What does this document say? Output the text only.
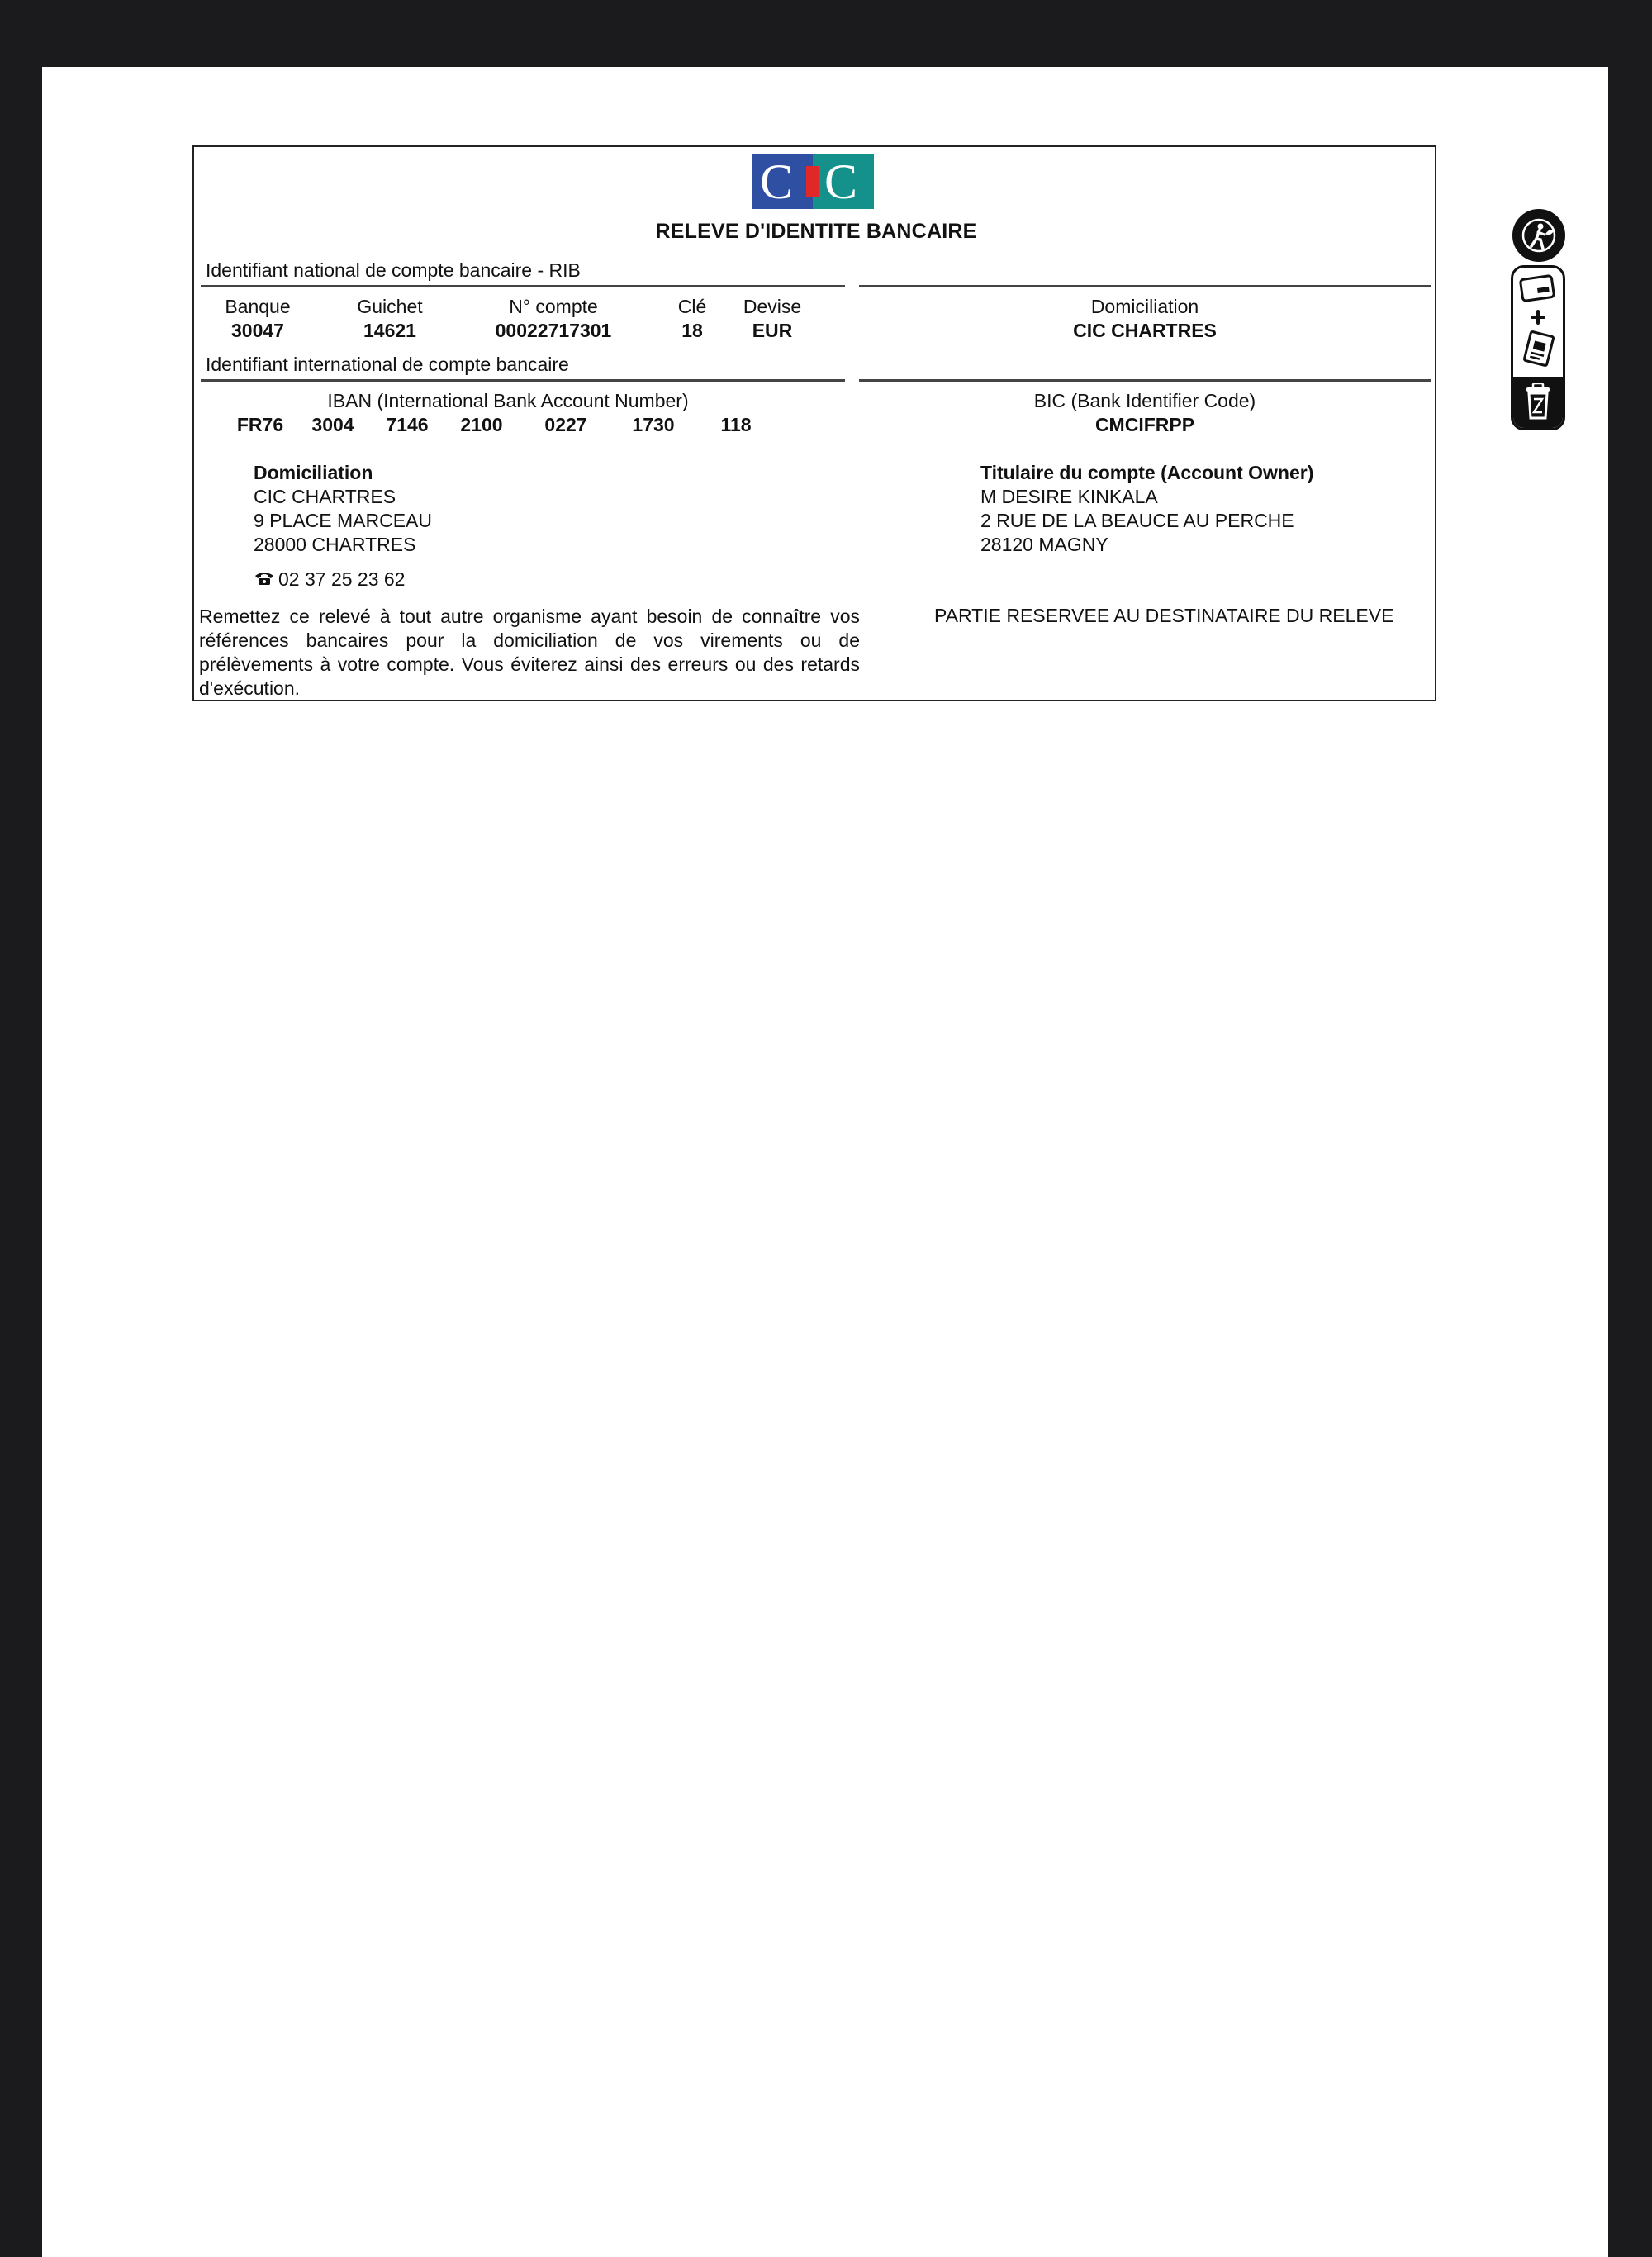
C C
RELEVE D'IDENTITE BANCAIRE
Identifiant national de compte bancaire - RIB
Banque
30047
Guichet
14621
N° compte
00022717301
Clé
18
Devise
EUR
Domiciliation
CIC CHARTRES
Identifiant international de compte bancaire
IBAN (International Bank Account Number)
FR76	3004	7146	2100	0227	1730	118
BIC (Bank Identifier Code)
CMCIFRPP
Domiciliation
CIC CHARTRES
9 PLACE MARCEAU
28000 CHARTRES
02 37 25 23 62
Titulaire du compte (Account Owner)
M DESIRE KINKALA
2 RUE DE LA BEAUCE AU PERCHE
28120 MAGNY
Remettez ce relevé à tout autre organisme ayant besoin de connaître vos références bancaires pour la domiciliation de vos virements ou de prélèvements à votre compte. Vous éviterez ainsi des erreurs ou des retards d'exécution.
PARTIE RESERVEE AU DESTINATAIRE DU RELEVE
